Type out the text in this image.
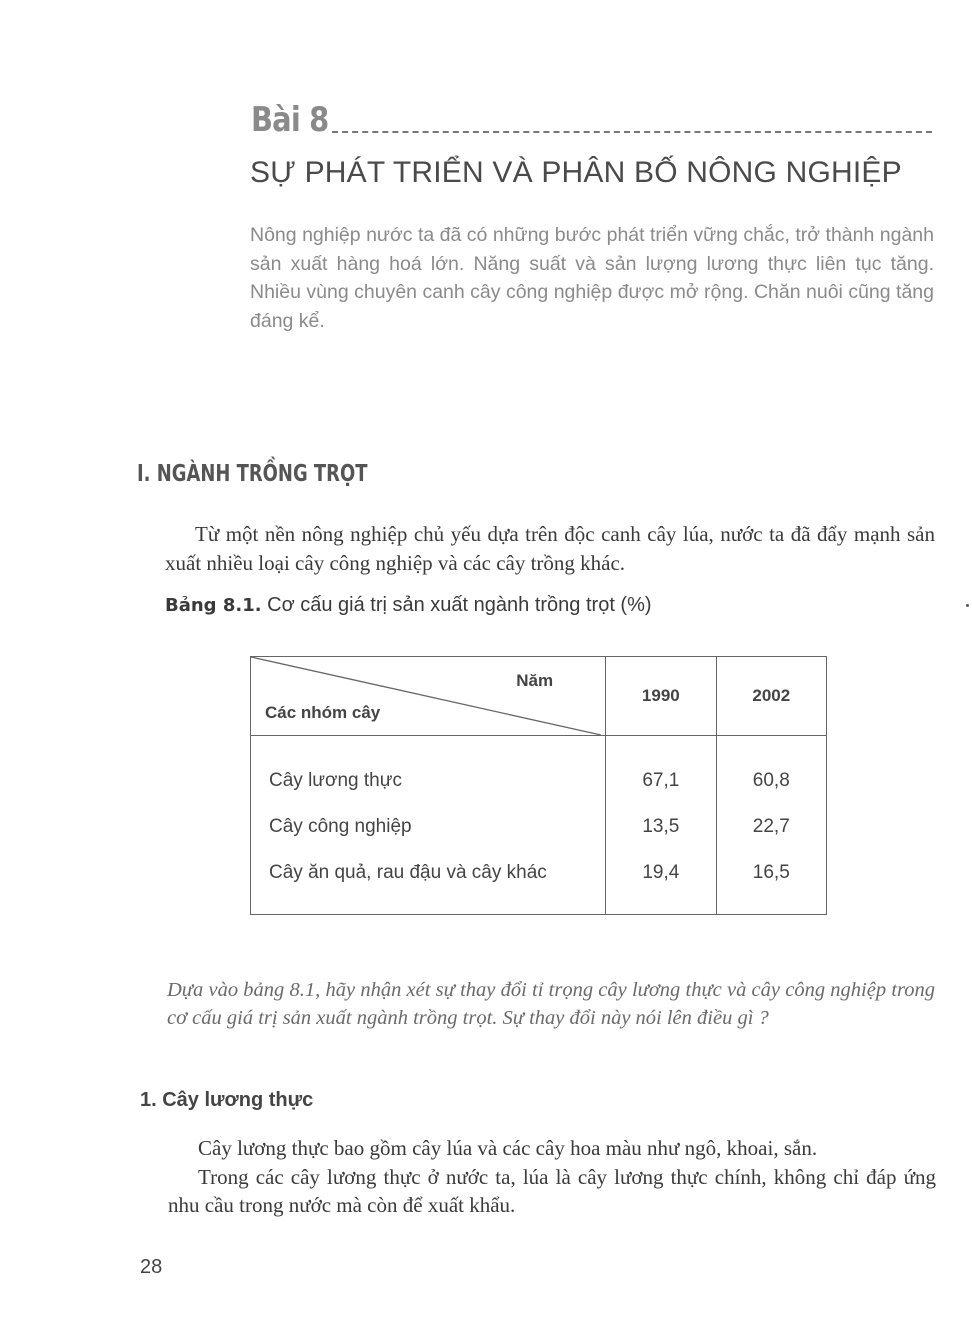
Bài 8
SỰ PHÁT TRIỂN VÀ PHÂN BỐ NÔNG NGHIỆP
Nông nghiệp nước ta đã có những bước phát triển vững chắc, trở thành ngành sản xuất hàng hoá lớn. Năng suất và sản lượng lương thực liên tục tăng. Nhiều vùng chuyên canh cây công nghiệp được mở rộng. Chăn nuôi cũng tăng đáng kể.
I. NGÀNH TRỒNG TRỌT
Từ một nền nông nghiệp chủ yếu dựa trên độc canh cây lúa, nước ta đã đẩy mạnh sản xuất nhiều loại cây công nghiệp và các cây trồng khác.
Bảng 8.1. Cơ cấu giá trị sản xuất ngành trồng trọt (%)
Năm
Các nhóm cây	1990	2002
Cây lương thực	67,1	60,8
Cây công nghiệp	13,5	22,7
Cây ăn quả, rau đậu và cây khác	19,4	16,5
Dựa vào bảng 8.1, hãy nhận xét sự thay đổi tỉ trọng cây lương thực và cây công nghiệp trong cơ cấu giá trị sản xuất ngành trồng trọt. Sự thay đổi này nói lên điều gì ?
1. Cây lương thực

Cây lương thực bao gồm cây lúa và các cây hoa màu như ngô, khoai, sắn.

Trong các cây lương thực ở nước ta, lúa là cây lương thực chính, không chỉ đáp ứng nhu cầu trong nước mà còn để xuất khẩu.

28
